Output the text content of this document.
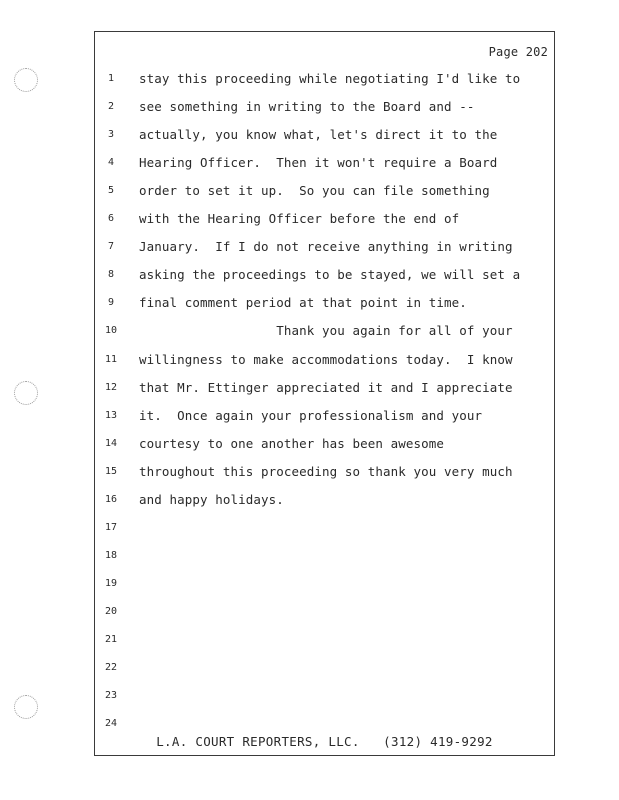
Page 202
1	stay this proceeding while negotiating I'd like to
2	see something in writing to the Board and --
3	actually, you know what, let's direct it to the
4	Hearing Officer.  Then it won't require a Board
5	order to set it up.  So you can file something
6	with the Hearing Officer before the end of
7	January.  If I do not receive anything in writing
8	asking the proceedings to be stayed, we will set a
9	final comment period at that point in time.
10	Thank you again for all of your
11	willingness to make accommodations today.  I know
12	that Mr. Ettinger appreciated it and I appreciate
13	it.  Once again your professionalism and your
14	courtesy to one another has been awesome
15	throughout this proceeding so thank you very much
16	and happy holidays.
17
18
19
20
21
22
23
24
L.A. COURT REPORTERS, LLC.   (312) 419-9292
